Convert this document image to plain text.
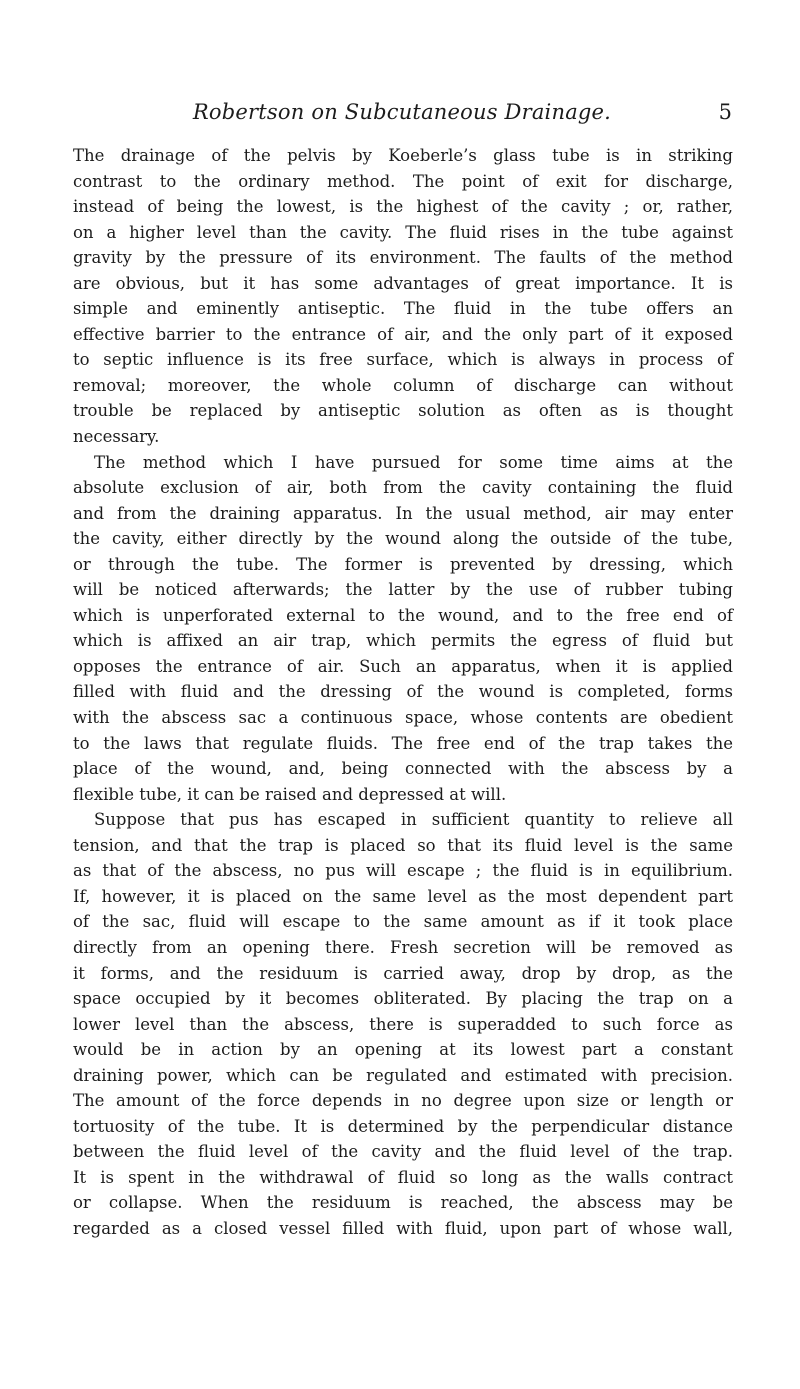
Robertson on Subcutaneous Drainage.	5
The drainage of the pelvis by Koeberle’s glass tube is in striking
contrast to the ordinary method. The point of exit for discharge,
instead of being the lowest, is the highest of the cavity ; or, rather,
on a higher level than the cavity. The fluid rises in the tube against
gravity by the pressure of its environment. The faults of the method
are obvious, but it has some advantages of great importance. It is
simple and eminently antiseptic. The fluid in the tube offers an
effective barrier to the entrance of air, and the only part of it exposed
to septic influence is its free surface, which is always in process of
removal; moreover, the whole column of discharge can without
trouble be replaced by antiseptic solution as often as is thought
necessary.
The method which I have pursued for some time aims at the
absolute exclusion of air, both from the cavity containing the fluid
and from the draining apparatus. In the usual method, air may enter
the cavity, either directly by the wound along the outside of the tube,
or through the tube. The former is prevented by dressing, which
will be noticed afterwards; the latter by the use of rubber tubing
which is unperforated external to the wound, and to the free end of
which is affixed an air trap, which permits the egress of fluid but
opposes the entrance of air. Such an apparatus, when it is applied
filled with fluid and the dressing of the wound is completed, forms
with the abscess sac a continuous space, whose contents are obedient
to the laws that regulate fluids. The free end of the trap takes the
place of the wound, and, being connected with the abscess by a
flexible tube, it can be raised and depressed at will.
Suppose that pus has escaped in sufficient quantity to relieve all
tension, and that the trap is placed so that its fluid level is the same
as that of the abscess, no pus will escape ; the fluid is in equilibrium.
If, however, it is placed on the same level as the most dependent part
of the sac, fluid will escape to the same amount as if it took place
directly from an opening there. Fresh secretion will be removed as
it forms, and the residuum is carried away, drop by drop, as the
space occupied by it becomes obliterated. By placing the trap on a
lower level than the abscess, there is superadded to such force as
would be in action by an opening at its lowest part a constant
draining power, which can be regulated and estimated with precision.
The amount of the force depends in no degree upon size or length or
tortuosity of the tube. It is determined by the perpendicular distance
between the fluid level of the cavity and the fluid level of the trap.
It is spent in the withdrawal of fluid so long as the walls contract
or collapse. When the residuum is reached, the abscess may be
regarded as a closed vessel filled with fluid, upon part of whose wall,
